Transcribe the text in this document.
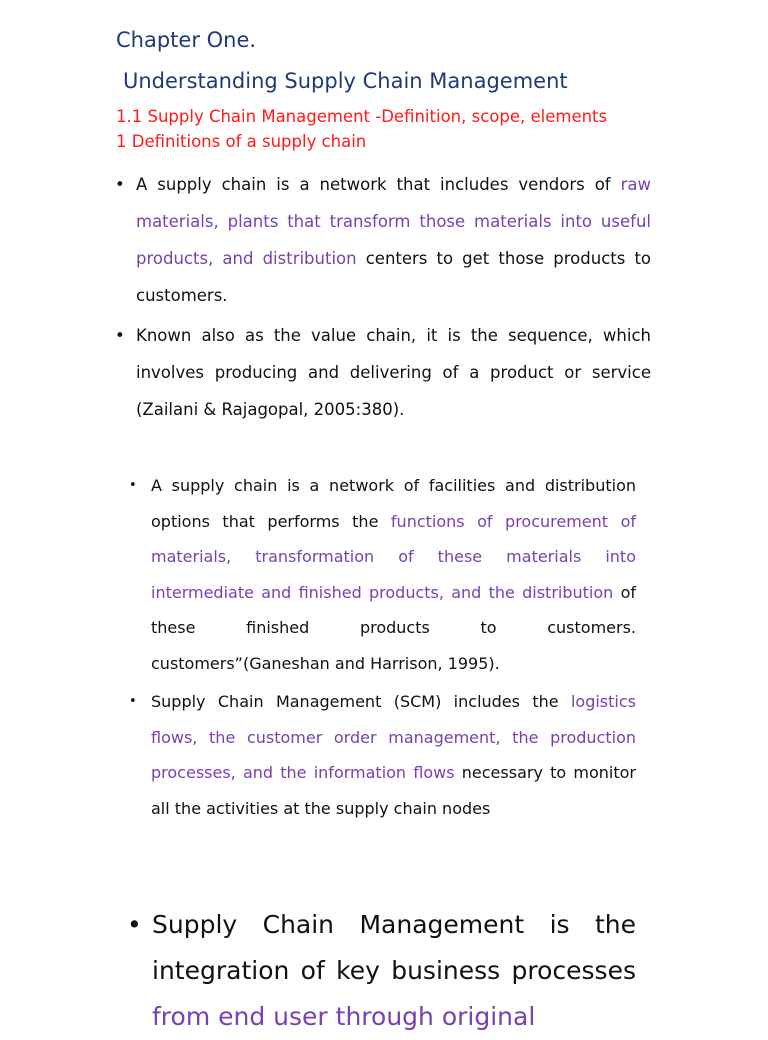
Chapter One.
Understanding Supply Chain Management

1.1 Supply Chain Management -Definition, scope, elements

1 Definitions of a supply chain

• A supply chain is a network that includes vendors of raw materials, plants that transform those materials into useful products, and distribution centers to get those products to customers.
• Known also as the value chain, it is the sequence, which involves producing and delivering of a product or service (Zailani & Rajagopal, 2005:380).
• A supply chain is a network of facilities and distribution options that performs the functions of procurement of materials, transformation of these materials into intermediate and finished products, and the distribution of these finished products to customers. customers”(Ganeshan and Harrison, 1995).
• Supply Chain Management (SCM) includes the logistics flows, the customer order management, the production processes, and the information flows necessary to monitor all the activities at the supply chain nodes
• Supply Chain Management is the integration of key business processes from end user through original
